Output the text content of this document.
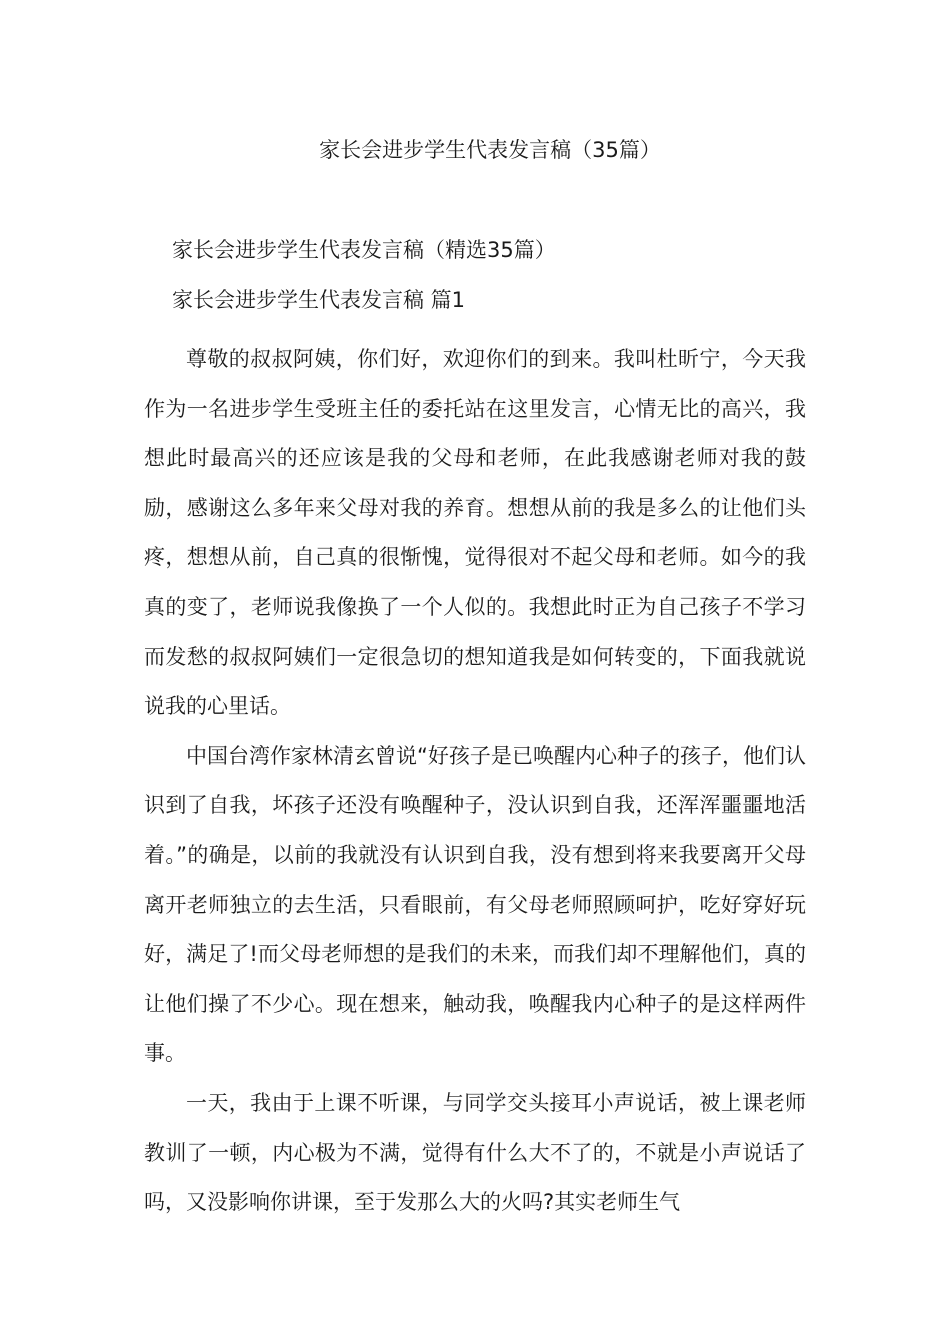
家长会进步学生代表发言稿（35篇）
家长会进步学生代表发言稿（精选35篇）
家长会进步学生代表发言稿 篇1

尊敬的叔叔阿姨，你们好，欢迎你们的到来。我叫杜昕宁，今天我作为一名进步学生受班主任的委托站在这里发言，心情无比的高兴，我想此时最高兴的还应该是我的父母和老师，在此我感谢老师对我的鼓励，感谢这么多年来父母对我的养育。想想从前的我是多么的让他们头疼，想想从前，自己真的很惭愧，觉得很对不起父母和老师。如今的我真的变了，老师说我像换了一个人似的。我想此时正为自己孩子不学习而发愁的叔叔阿姨们一定很急切的想知道我是如何转变的，下面我就说说我的心里话。

中国台湾作家林清玄曾说“好孩子是已唤醒内心种子的孩子，他们认识到了自我，坏孩子还没有唤醒种子，没认识到自我，还浑浑噩噩地活着。”的确是，以前的我就没有认识到自我，没有想到将来我要离开父母离开老师独立的去生活，只看眼前，有父母老师照顾呵护，吃好穿好玩好，满足了!而父母老师想的是我们的未来，而我们却不理解他们，真的让他们操了不少心。现在想来，触动我，唤醒我内心种子的是这样两件事。

一天，我由于上课不听课，与同学交头接耳小声说话，被上课老师教训了一顿，内心极为不满，觉得有什么大不了的，不就是小声说话了吗，又没影响你讲课，至于发那么大的火吗?其实老师生气
